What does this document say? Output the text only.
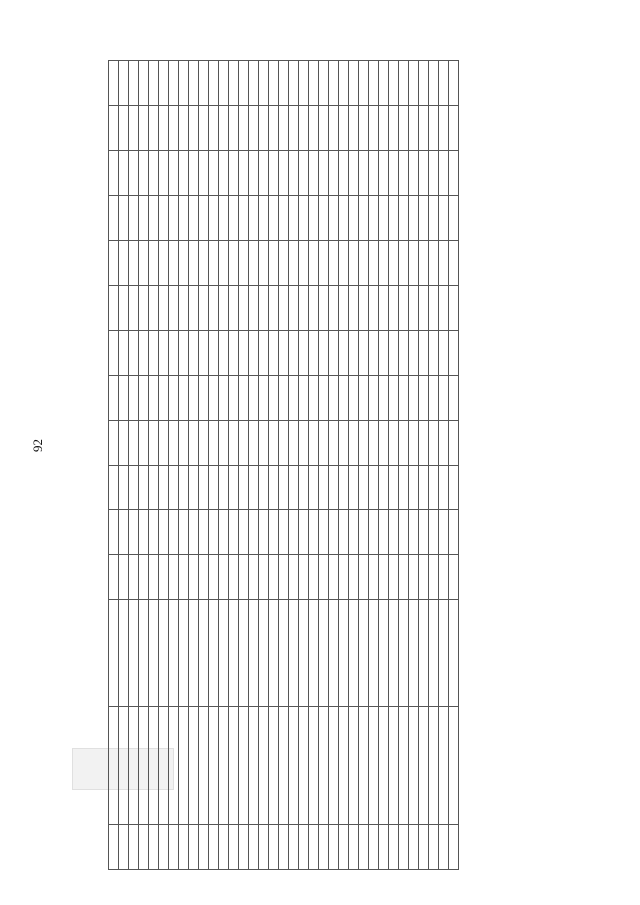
92
